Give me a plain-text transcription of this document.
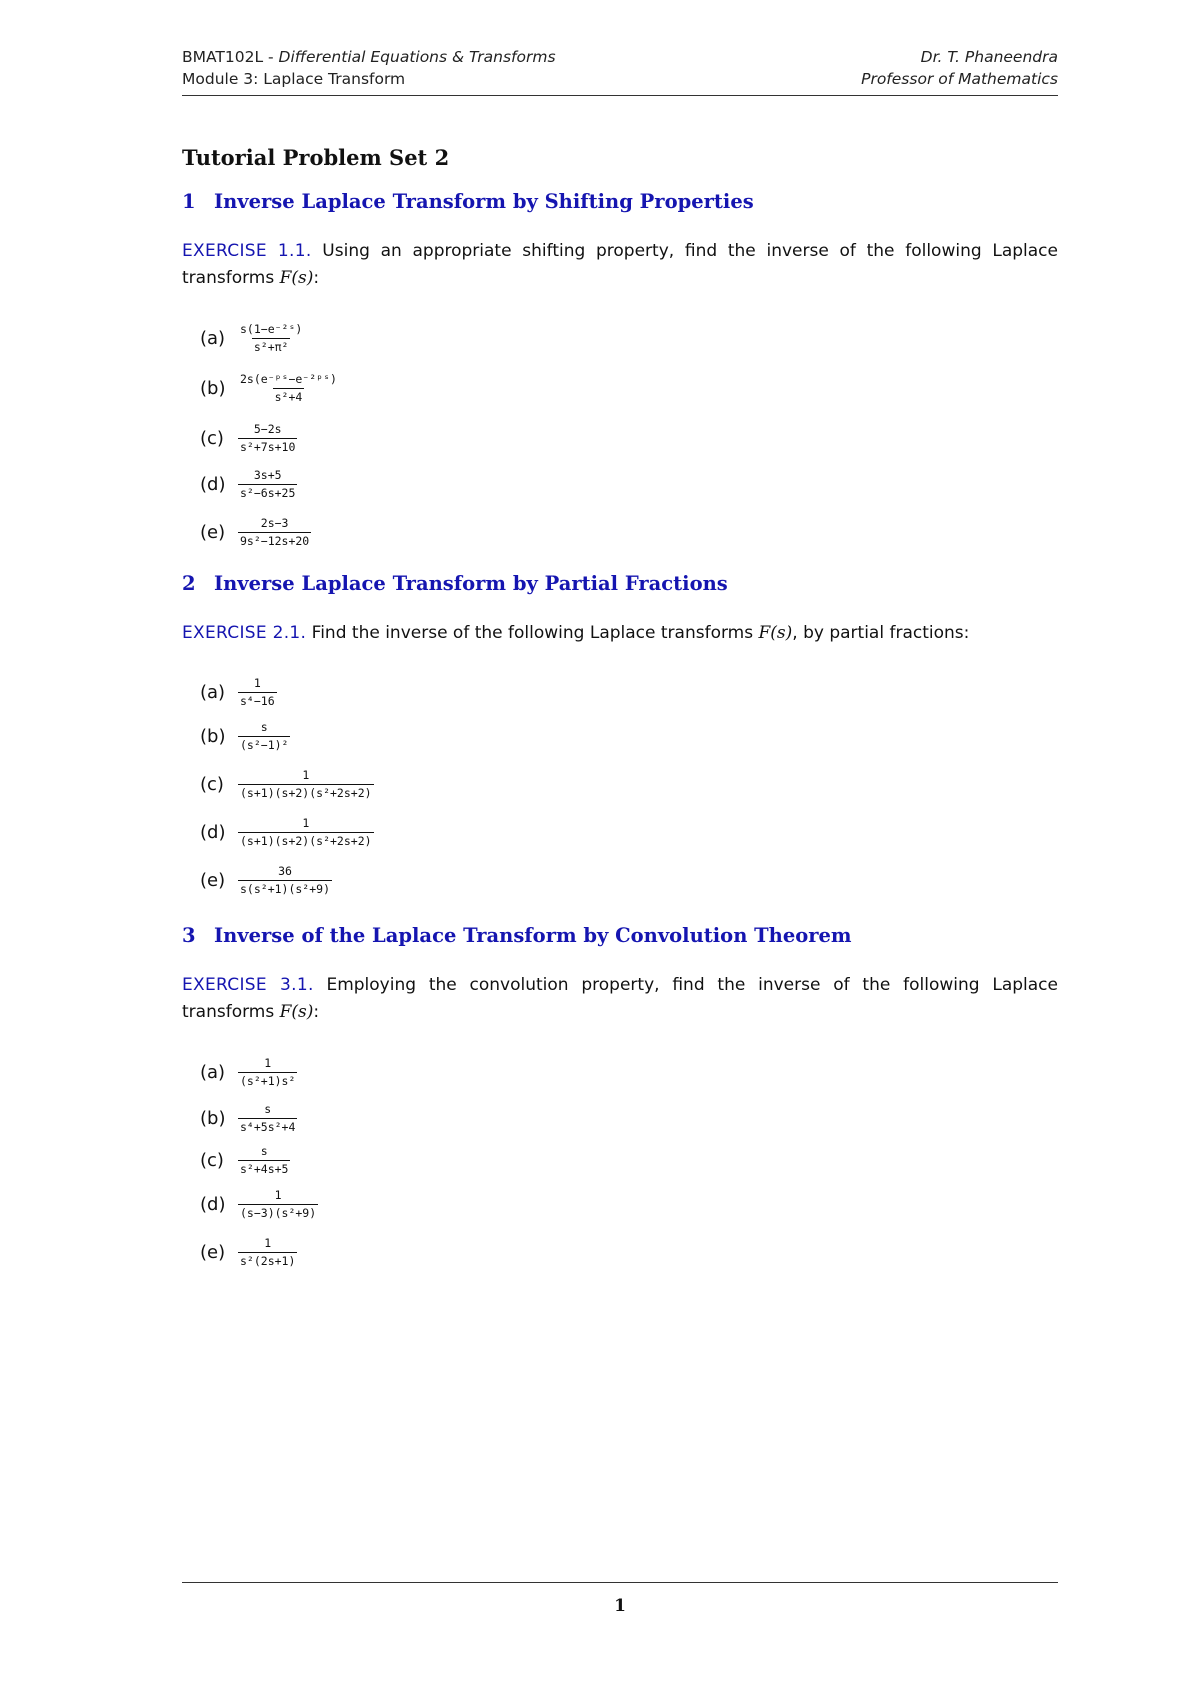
BMAT102L - Differential Equations & Transforms	Dr. T. Phaneendra
Module 3: Laplace Transform	Professor of Mathematics
Tutorial Problem Set 2
1 Inverse Laplace Transform by Shifting Properties
EXERCISE 1.1. Using an appropriate shifting property, find the inverse of the following Laplace transforms F(s):
(a)	$\frac{\text{s(1−e⁻²ˢ)}}{\text{s²+π²}}$
(b)	$\frac{\text{2s(e⁻ᵖˢ−e⁻²ᵖˢ)}}{\text{s²+4}}$
(c)	$\frac{5-2s}{\text{s²+7s+10}}$
(d)	$\frac{3s+5}{\text{s²−6s+25}}$
(e)	$\frac{2s-3}{\text{9s²−12s+20}}$
2 Inverse Laplace Transform by Partial Fractions
EXERCISE 2.1. Find the inverse of the following Laplace transforms F(s), by partial fractions:
(a)	$\frac{1}{\text{s⁴−16}}$
(b)	$\frac{s}{\text{(s²−1)²}}$
(c)	$\frac{1}{\text{(s+1)(s+2)(s²+2s+2)}}$
(d)	$\frac{1}{\text{(s+1)(s+2)(s²+2s+2)}}$
(e)	$\frac{36}{\text{s(s²+1)(s²+9)}}$
3 Inverse of the Laplace Transform by Convolution Theorem
EXERCISE 3.1. Employing the convolution property, find the inverse of the following Laplace transforms F(s):
(a)	$\frac{1}{\text{(s²+1)s²}}$
(b)	$\frac{s}{\text{s⁴+5s²+4}}$
(c)	$\frac{s}{\text{s²+4s+5}}$
(d)	$\frac{1}{\text{(s−3)(s²+9)}}$
(e)	$\frac{1}{\text{s²(2s+1)}}$
1
